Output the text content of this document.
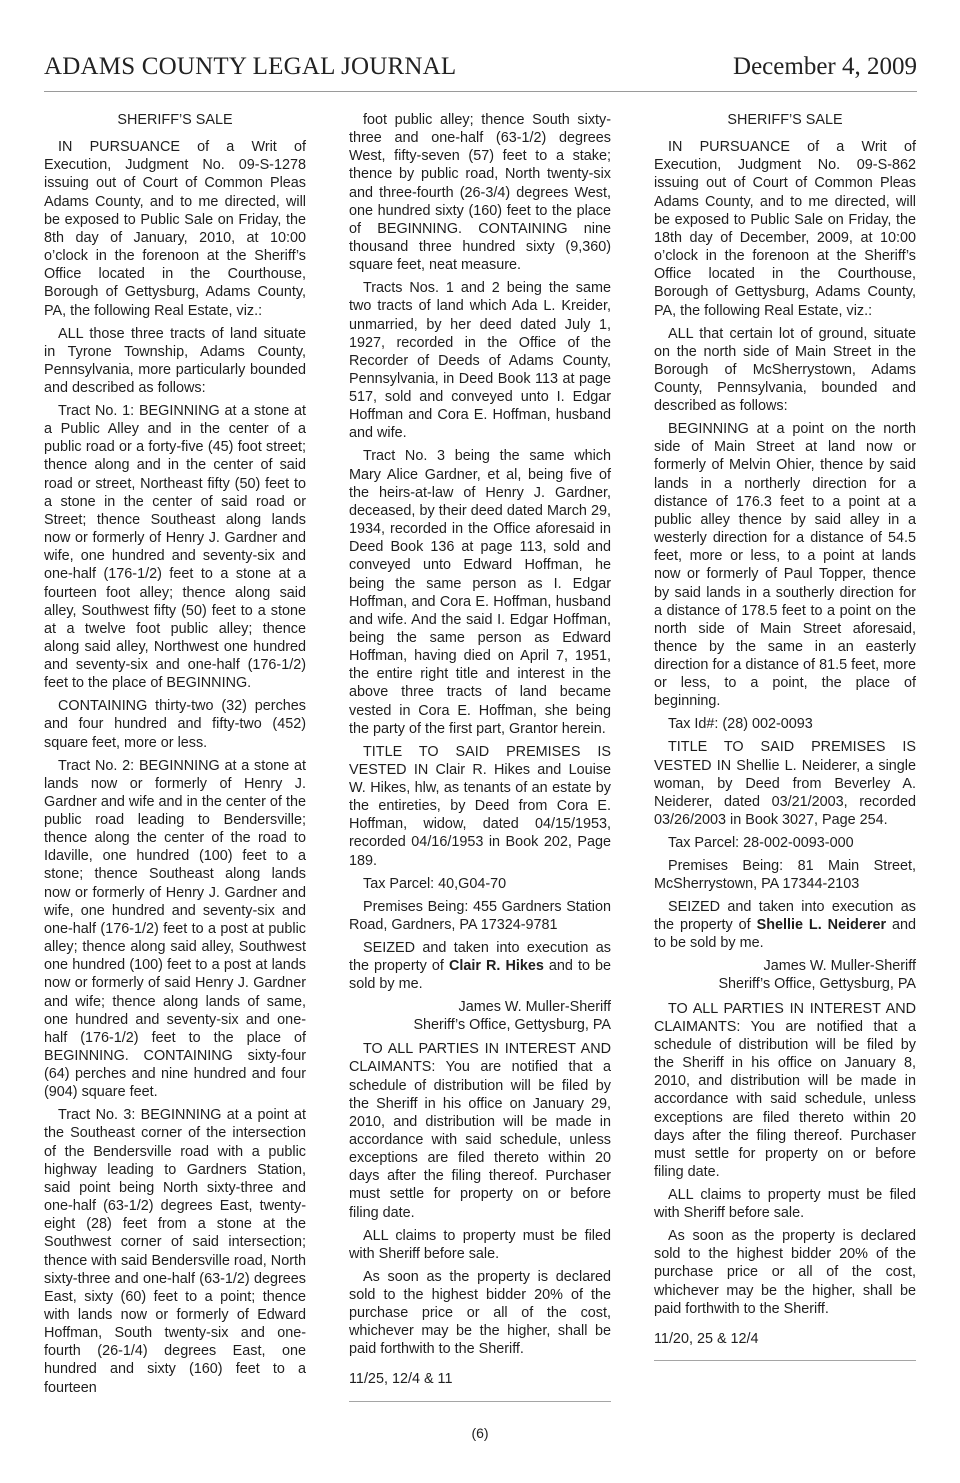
ADAMS COUNTY LEGAL JOURNAL	December 4, 2009

SHERIFF’S SALE

IN PURSUANCE of a Writ of Execution, Judgment No. 09-S-1278 issuing out of Court of Common Pleas Adams County, and to me directed, will be exposed to Public Sale on Friday, the 8th day of January, 2010, at 10:00 o’clock in the forenoon at the Sheriff’s Office located in the Courthouse, Borough of Gettysburg, Adams County, PA, the following Real Estate, viz.:

ALL those three tracts of land situate in Tyrone Township, Adams County, Pennsylvania, more particularly bounded and described as follows:

Tract No. 1: BEGINNING at a stone at a Public Alley and in the center of a public road or a forty-five (45) foot street; thence along and in the center of said road or street, Northeast fifty (50) feet to a stone in the center of said road or Street; thence Southeast along lands now or formerly of Henry J. Gardner and wife, one hundred and seventy-six and one-half (176-1/2) feet to a stone at a fourteen foot alley; thence along said alley, Southwest fifty (50) feet to a stone at a twelve foot public alley; thence along said alley, Northwest one hundred and seventy-six and one-half (176-1/2) feet to the place of BEGINNING.

CONTAINING thirty-two (32) perches and four hundred and fifty-two (452) square feet, more or less.

Tract No. 2: BEGINNING at a stone at lands now or formerly of Henry J. Gardner and wife and in the center of the public road leading to Bendersville; thence along the center of the road to Idaville, one hundred (100) feet to a stone; thence Southeast along lands now or formerly of Henry J. Gardner and wife, one hundred and seventy-six and one-half (176-1/2) feet to a post at public alley; thence along said alley, Southwest one hundred (100) feet to a post at lands now or formerly of said Henry J. Gardner and wife; thence along lands of same, one hundred and seventy-six and one-half (176-1/2) feet to the place of BEGINNING. CONTAINING sixty-four (64) perches and nine hundred and four (904) square feet.

Tract No. 3: BEGINNING at a point at the Southeast corner of the intersection of the Bendersville road with a public highway leading to Gardners Station, said point being North sixty-three and one-half (63-1/2) degrees East, twenty-eight (28) feet from a stone at the Southwest corner of said intersection; thence with said Bendersville road, North sixty-three and one-half (63-1/2) degrees East, sixty (60) feet to a point; thence with lands now or formerly of Edward Hoffman, South twenty-six and one-fourth (26-1/4) degrees East, one hundred and sixty (160) feet to a fourteen

foot public alley; thence South sixty-three and one-half (63-1/2) degrees West, fifty-seven (57) feet to a stake; thence by public road, North twenty-six and three-fourth (26-3/4) degrees West, one hundred sixty (160) feet to the place of BEGINNING. CONTAINING nine thousand three hundred sixty (9,360) square feet, neat measure.

Tracts Nos. 1 and 2 being the same two tracts of land which Ada L. Kreider, unmarried, by her deed dated July 1, 1927, recorded in the Office of the Recorder of Deeds of Adams County, Pennsylvania, in Deed Book 113 at page 517, sold and conveyed unto I. Edgar Hoffman and Cora E. Hoffman, husband and wife.

Tract No. 3 being the same which Mary Alice Gardner, et al, being five of the heirs-at-law of Henry J. Gardner, deceased, by their deed dated March 29, 1934, recorded in the Office aforesaid in Deed Book 136 at page 113, sold and conveyed unto Edward Hoffman, he being the same person as I. Edgar Hoffman, and Cora E. Hoffman, husband and wife. And the said I. Edgar Hoffman, being the same person as Edward Hoffman, having died on April 7, 1951, the entire right title and interest in the above three tracts of land became vested in Cora E. Hoffman, she being the party of the first part, Grantor herein.

TITLE TO SAID PREMISES IS VESTED IN Clair R. Hikes and Louise W. Hikes, hlw, as tenants of an estate by the entireties, by Deed from Cora E. Hoffman, widow, dated 04/15/1953, recorded 04/16/1953 in Book 202, Page 189.

Tax Parcel: 40,G04-70

Premises Being: 455 Gardners Station Road, Gardners, PA 17324-9781

SEIZED and taken into execution as the property of Clair R. Hikes and to be sold by me.

James W. Muller-Sheriff

Sheriff’s Office, Gettysburg, PA

TO ALL PARTIES IN INTEREST AND CLAIMANTS: You are notified that a schedule of distribution will be filed by the Sheriff in his office on January 29, 2010, and distribution will be made in accordance with said schedule, unless exceptions are filed thereto within 20 days after the filing thereof. Purchaser must settle for property on or before filing date.

ALL claims to property must be filed with Sheriff before sale.

As soon as the property is declared sold to the highest bidder 20% of the purchase price or all of the cost, whichever may be the higher, shall be paid forthwith to the Sheriff.

11/25, 12/4 & 11

SHERIFF’S SALE

IN PURSUANCE of a Writ of Execution, Judgment No. 09-S-862 issuing out of Court of Common Pleas Adams County, and to me directed, will be exposed to Public Sale on Friday, the 18th day of December, 2009, at 10:00 o’clock in the forenoon at the Sheriff’s Office located in the Courthouse, Borough of Gettysburg, Adams County, PA, the following Real Estate, viz.:

ALL that certain lot of ground, situate on the north side of Main Street in the Borough of McSherrystown, Adams County, Pennsylvania, bounded and described as follows:

BEGINNING at a point on the north side of Main Street at land now or formerly of Melvin Ohier, thence by said lands in a northerly direction for a distance of 176.3 feet to a point at a public alley thence by said alley in a westerly direction for a distance of 54.5 feet, more or less, to a point at lands now or formerly of Paul Topper, thence by said lands in a southerly direction for a distance of 178.5 feet to a point on the north side of Main Street aforesaid, thence by the same in an easterly direction for a distance of 81.5 feet, more or less, to a point, the place of beginning.

Tax Id#: (28) 002-0093

TITLE TO SAID PREMISES IS VESTED IN Shellie L. Neiderer, a single woman, by Deed from Beverley A. Neiderer, dated 03/21/2003, recorded 03/26/2003 in Book 3027, Page 254.

Tax Parcel: 28-002-0093-000

Premises Being: 81 Main Street, McSherrystown, PA 17344-2103

SEIZED and taken into execution as the property of Shellie L. Neiderer and to be sold by me.

James W. Muller-Sheriff

Sheriff’s Office, Gettysburg, PA

TO ALL PARTIES IN INTEREST AND CLAIMANTS: You are notified that a schedule of distribution will be filed by the Sheriff in his office on January 8, 2010, and distribution will be made in accordance with said schedule, unless exceptions are filed thereto within 20 days after the filing thereof. Purchaser must settle for property on or before filing date.

ALL claims to property must be filed with Sheriff before sale.

As soon as the property is declared sold to the highest bidder 20% of the purchase price or all of the cost, whichever may be the higher, shall be paid forthwith to the Sheriff.

11/20, 25 & 12/4

(6)
